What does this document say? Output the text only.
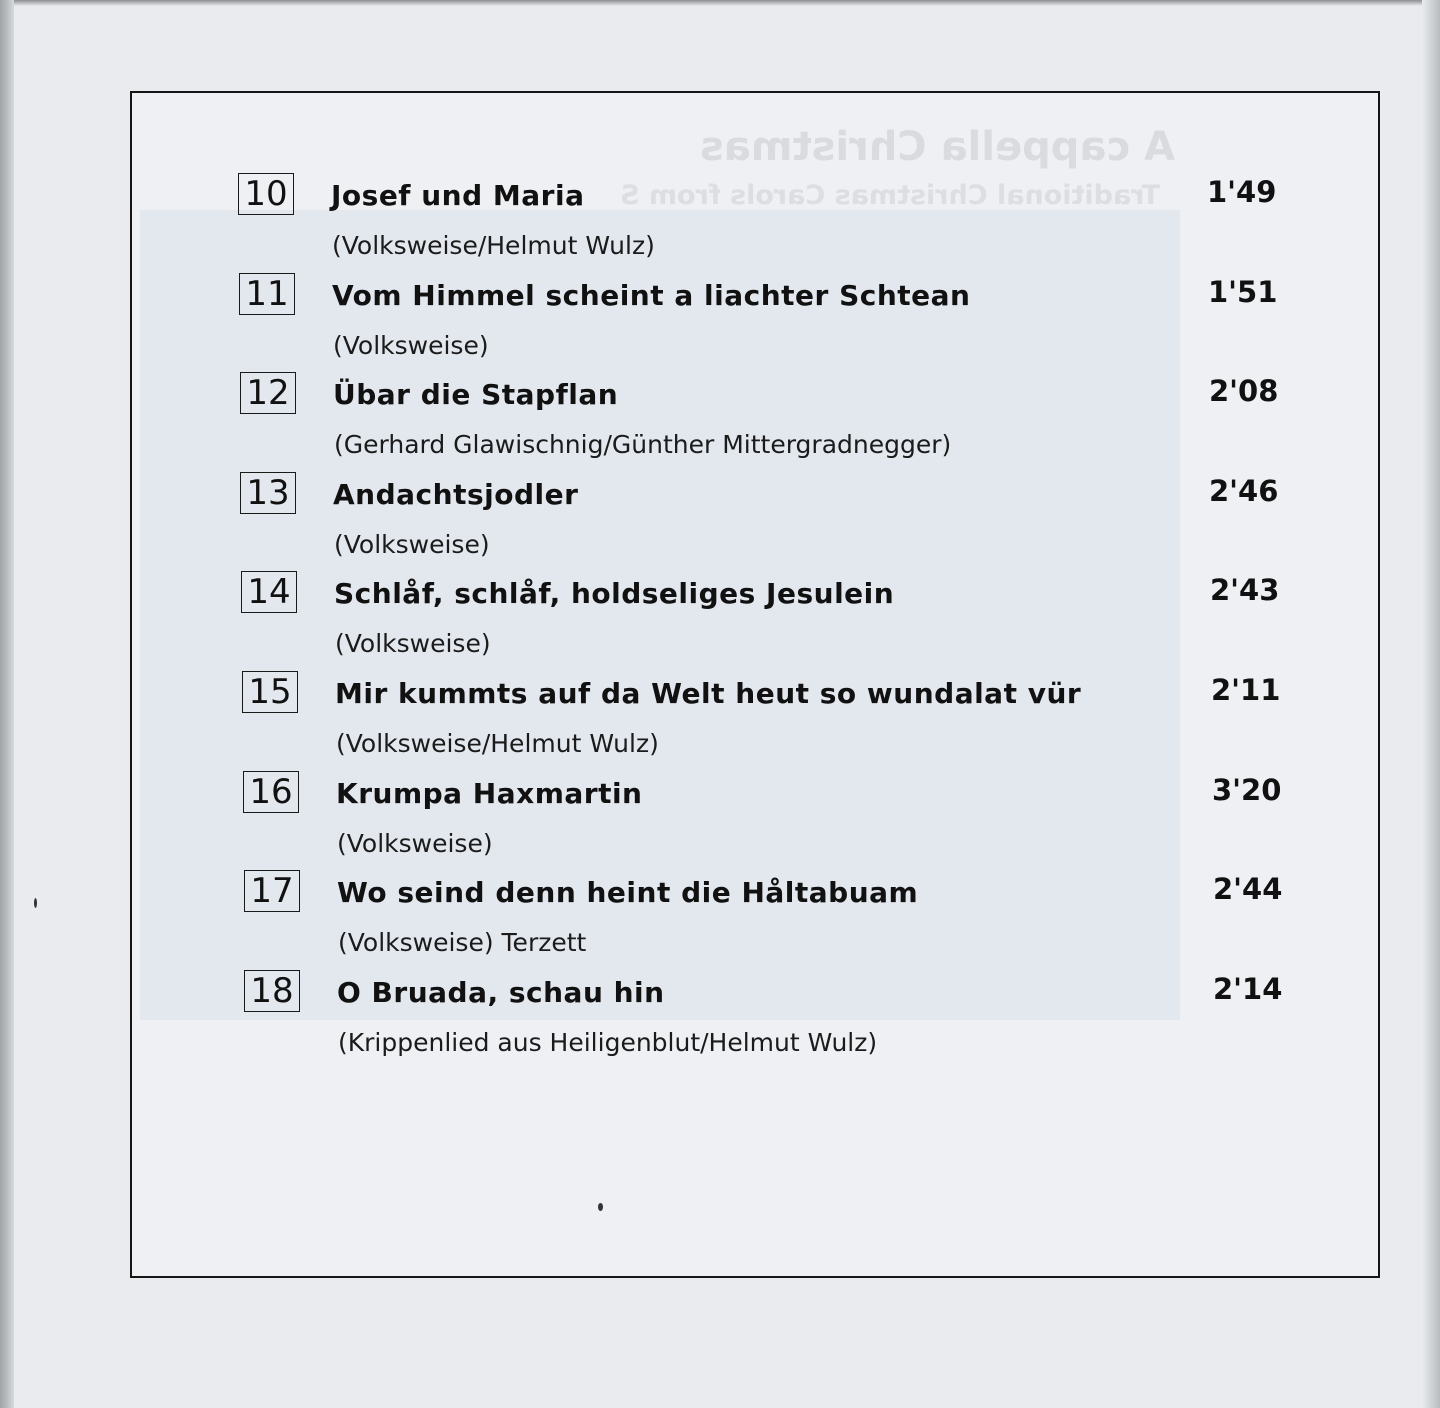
A cappella Christmas
Traditional Christmas Carols from S
10 Josef und Maria
(Volksweise/Helmut Wulz)
1'49
11 Vom Himmel scheint a liachter Schtean
(Volksweise)
1'51
12 Übar die Stapflan
(Gerhard Glawischnig/Günther Mittergradnegger)
2'08
13 Andachtsjodler
(Volksweise)
2'46
14 Schlåf, schlåf, holdseliges Jesulein
(Volksweise)
2'43
15 Mir kummts auf da Welt heut so wundalat vür
(Volksweise/Helmut Wulz)
2'11
16 Krumpa Haxmartin
(Volksweise)
3'20
17 Wo seind denn heint die Håltabuam
(Volksweise) Terzett
2'44
18 O Bruada, schau hin
(Krippenlied aus Heiligenblut/Helmut Wulz)
2'14
